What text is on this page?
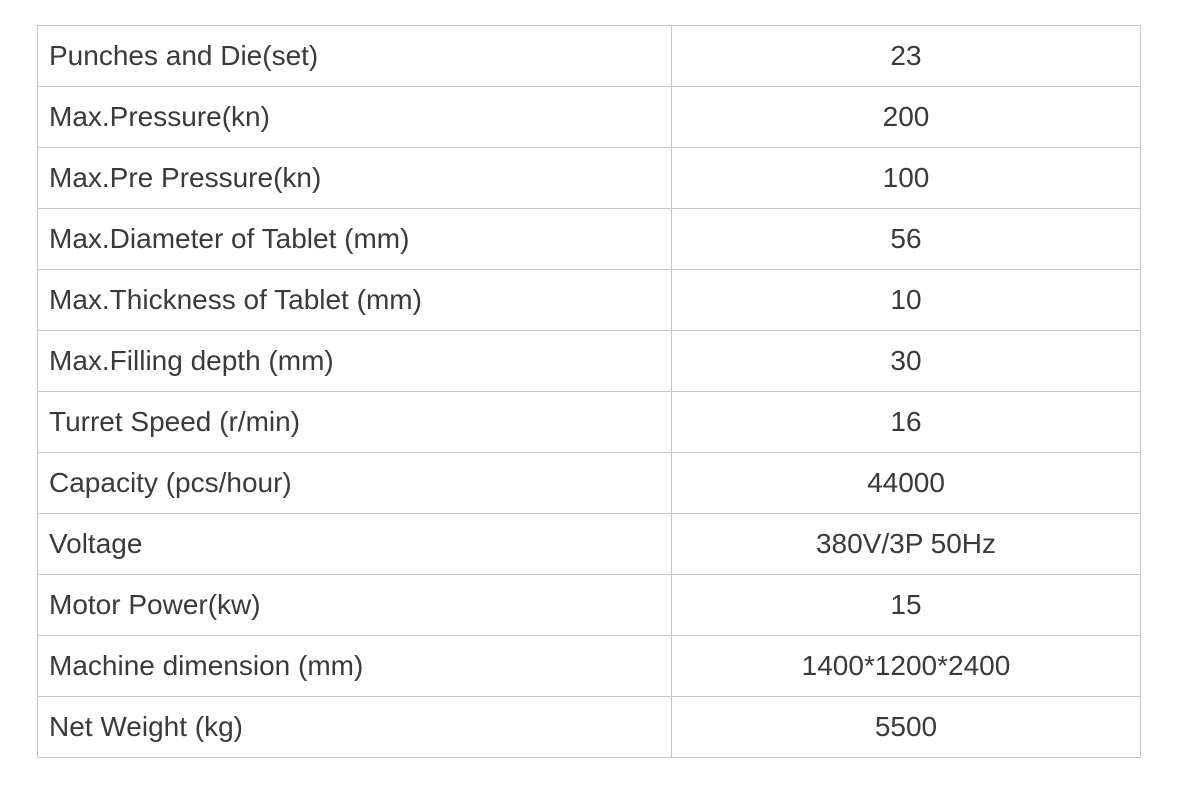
Punches and Die(set)	23
Max.Pressure(kn)	200
Max.Pre Pressure(kn)	100
Max.Diameter of Tablet (mm)	56
Max.Thickness of Tablet (mm)	10
Max.Filling depth (mm)	30
Turret Speed (r/min)	16
Capacity (pcs/hour)	44000
Voltage	380V/3P 50Hz
Motor Power(kw)	15
Machine dimension (mm)	1400*1200*2400
Net Weight (kg)	5500
